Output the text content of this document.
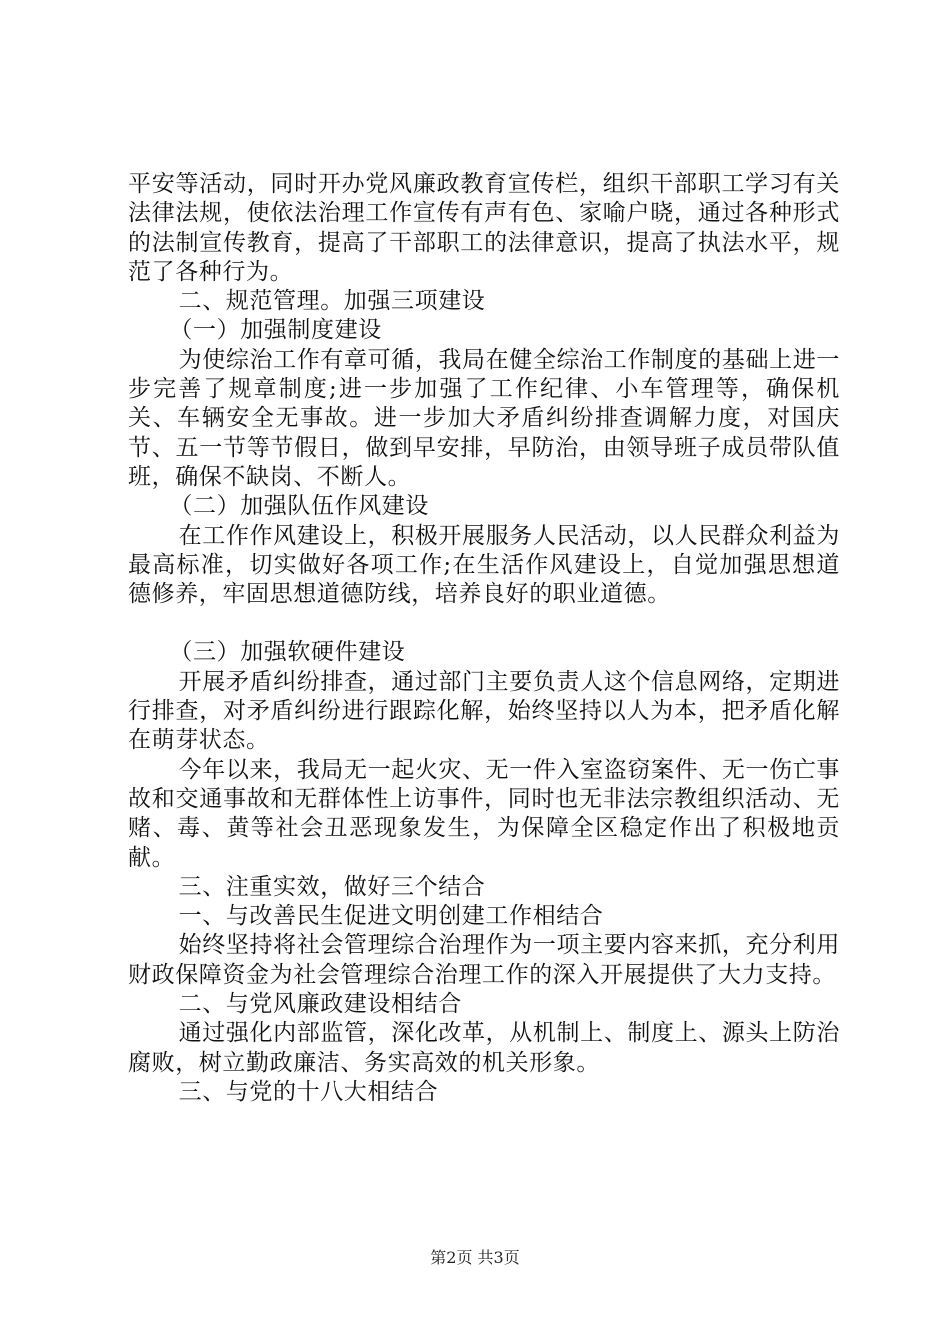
平安等活动，同时开办党风廉政教育宣传栏，组织干部职工学习有关法律法规，使依法治理工作宣传有声有色、家喻户晓，通过各种形式的法制宣传教育，提高了干部职工的法律意识，提高了执法水平，规范了各种行为。

二、规范管理。加强三项建设

（一）加强制度建设

为使综治工作有章可循，我局在健全综治工作制度的基础上进一步完善了规章制度;进一步加强了工作纪律、小车管理等，确保机关、车辆安全无事故。进一步加大矛盾纠纷排查调解力度，对国庆节、五一节等节假日，做到早安排，早防治，由领导班子成员带队值班，确保不缺岗、不断人。

（二）加强队伍作风建设

在工作作风建设上，积极开展服务人民活动，以人民群众利益为最高标准，切实做好各项工作;在生活作风建设上，自觉加强思想道德修养，牢固思想道德防线，培养良好的职业道德。

（三）加强软硬件建设

开展矛盾纠纷排查，通过部门主要负责人这个信息网络，定期进行排查，对矛盾纠纷进行跟踪化解，始终坚持以人为本，把矛盾化解在萌芽状态。

今年以来，我局无一起火灾、无一件入室盗窃案件、无一伤亡事故和交通事故和无群体性上访事件，同时也无非法宗教组织活动、无赌、毒、黄等社会丑恶现象发生，为保障全区稳定作出了积极地贡献。

三、注重实效，做好三个结合

一、与改善民生促进文明创建工作相结合

始终坚持将社会管理综合治理作为一项主要内容来抓，充分利用财政保障资金为社会管理综合治理工作的深入开展提供了大力支持。

二、与党风廉政建设相结合

通过强化内部监管，深化改革，从机制上、制度上、源头上防治腐败，树立勤政廉洁、务实高效的机关形象。

三、与党的十八大相结合

第2页 共3页
